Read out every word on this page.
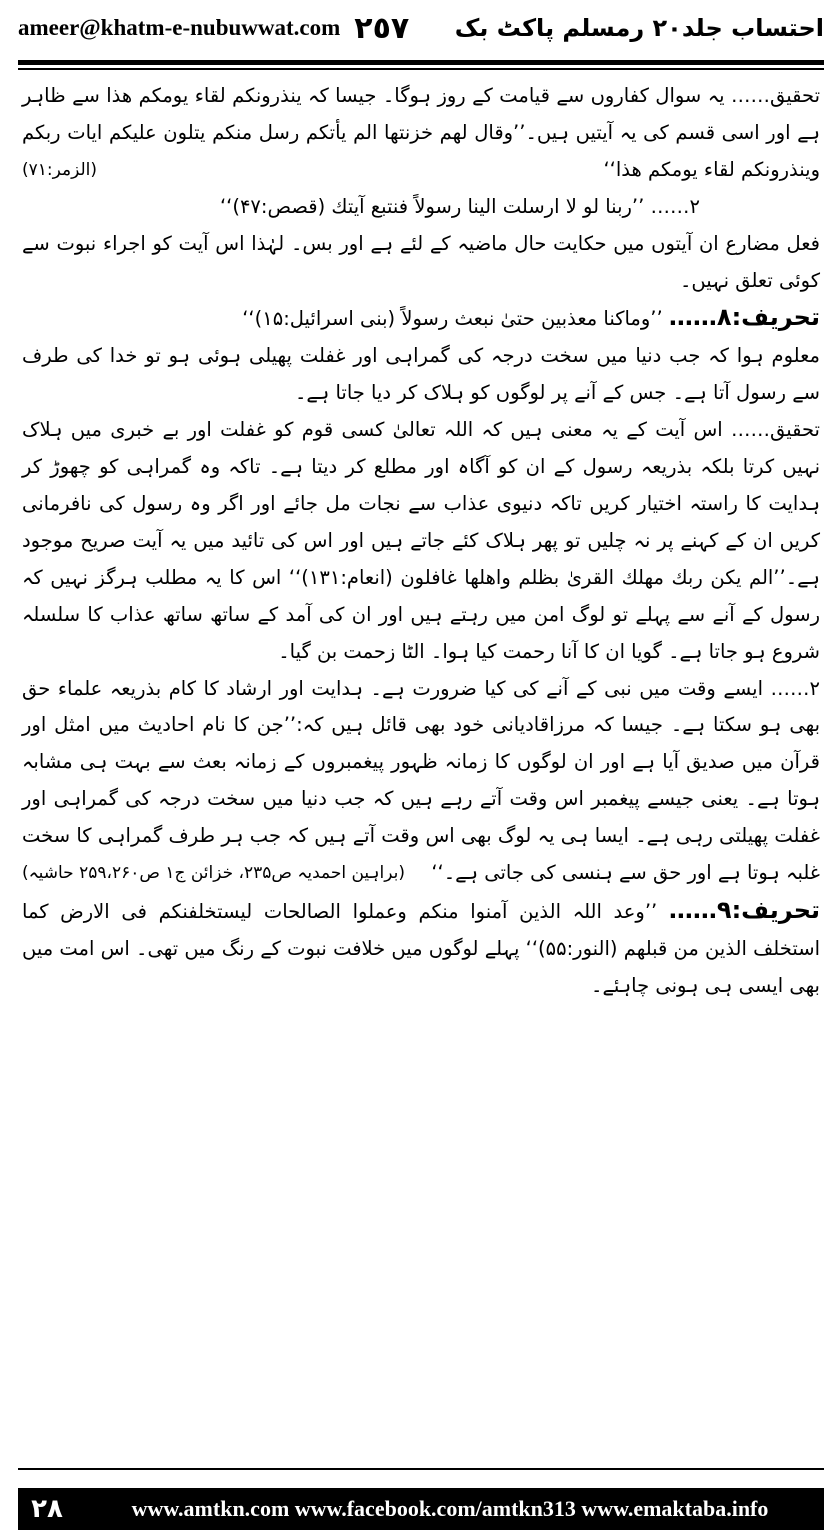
ameer@khatm-e-nubuwwat.com ٢٥٧ احتساب جلد۲۰ رمسلم پاکٹ بک

تحقیق…… یہ سوال کفاروں سے قیامت کے روز ہوگا۔ جیسا کہ ینذرونکم لقاء یومکم ھذا سے ظاہر ہے اور اسی قسم کی یہ آیتیں ہیں۔’’وقال لھم خزنتھا الم یأتکم رسل منکم یتلون علیکم ایات ربکم وینذرونکم لقاء یومکم ھذا‘‘
(الزمر:۷۱)

۲…… ’’ربنا لو لا ارسلت الینا رسولاً فنتبع آیتك (قصص:۴۷)‘‘

فعل مضارع ان آیتوں میں حکایت حال ماضیہ کے لئے ہے اور بس۔ لہٰذا اس آیت کو اجراء نبوت سے کوئی تعلق نہیں۔

تحریف:۸…… ’’وماکنا معذبین حتیٰ نبعث رسولاً (بنی اسرائیل:۱۵)‘‘

معلوم ہوا کہ جب دنیا میں سخت درجہ کی گمراہی اور غفلت پھیلی ہوئی ہو تو خدا کی طرف سے رسول آتا ہے۔ جس کے آنے پر لوگوں کو ہلاک کر دیا جاتا ہے۔

تحقیق…… اس آیت کے یہ معنی ہیں کہ اللہ تعالیٰ کسی قوم کو غفلت اور بے خبری میں ہلاک نہیں کرتا بلکہ بذریعہ رسول کے ان کو آگاہ اور مطلع کر دیتا ہے۔ تاکہ وہ گمراہی کو چھوڑ کر ہدایت کا راستہ اختیار کریں تاکہ دنیوی عذاب سے نجات مل جائے اور اگر وہ رسول کی نافرمانی کریں ان کے کہنے پر نہ چلیں تو پھر ہلاک کئے جاتے ہیں اور اس کی تائید میں یہ آیت صریح موجود ہے۔’’الم یکن ربك مھلك القریٰ بظلم واھلھا غافلون (انعام:۱۳۱)‘‘ اس کا یہ مطلب ہرگز نہیں کہ رسول کے آنے سے پہلے تو لوگ امن میں رہتے ہیں اور ان کی آمد کے ساتھ ساتھ عذاب کا سلسلہ شروع ہو جاتا ہے۔ گویا ان کا آنا رحمت کیا ہوا۔ الٹا زحمت بن گیا۔

۲…… ایسے وقت میں نبی کے آنے کی کیا ضرورت ہے۔ ہدایت اور ارشاد کا کام بذریعہ علماء حق بھی ہو سکتا ہے۔ جیسا کہ مرزاقادیانی خود بھی قائل ہیں کہ:’’جن کا نام احادیث میں امثل اور قرآن میں صدیق آیا ہے اور ان لوگوں کا زمانہ ظہور پیغمبروں کے زمانہ بعث سے بہت ہی مشابہ ہوتا ہے۔ یعنی جیسے پیغمبر اس وقت آتے رہے ہیں کہ جب دنیا میں سخت درجہ کی گمراہی اور غفلت پھیلتی رہی ہے۔ ایسا ہی یہ لوگ بھی اس وقت آتے ہیں کہ جب ہر طرف گمراہی کا سخت غلبہ ہوتا ہے اور حق سے ہنسی کی جاتی ہے۔‘‘
(براہین احمدیہ ص۲۳۵، خزائن ج۱ ص۲۵۹،۲۶۰ حاشیہ)

تحریف:۹…… ’’وعد اللہ الذین آمنوا منکم وعملوا الصالحات لیستخلفنکم فی الارض کما استخلف الذین من قبلھم (النور:۵۵)‘‘ پہلے لوگوں میں خلافت نبوت کے رنگ میں تھی۔ اس امت میں بھی ایسی ہی ہونی چاہئے۔

۲۸	www.amtkn.com www.facebook.com/amtkn313 www.emaktaba.info
